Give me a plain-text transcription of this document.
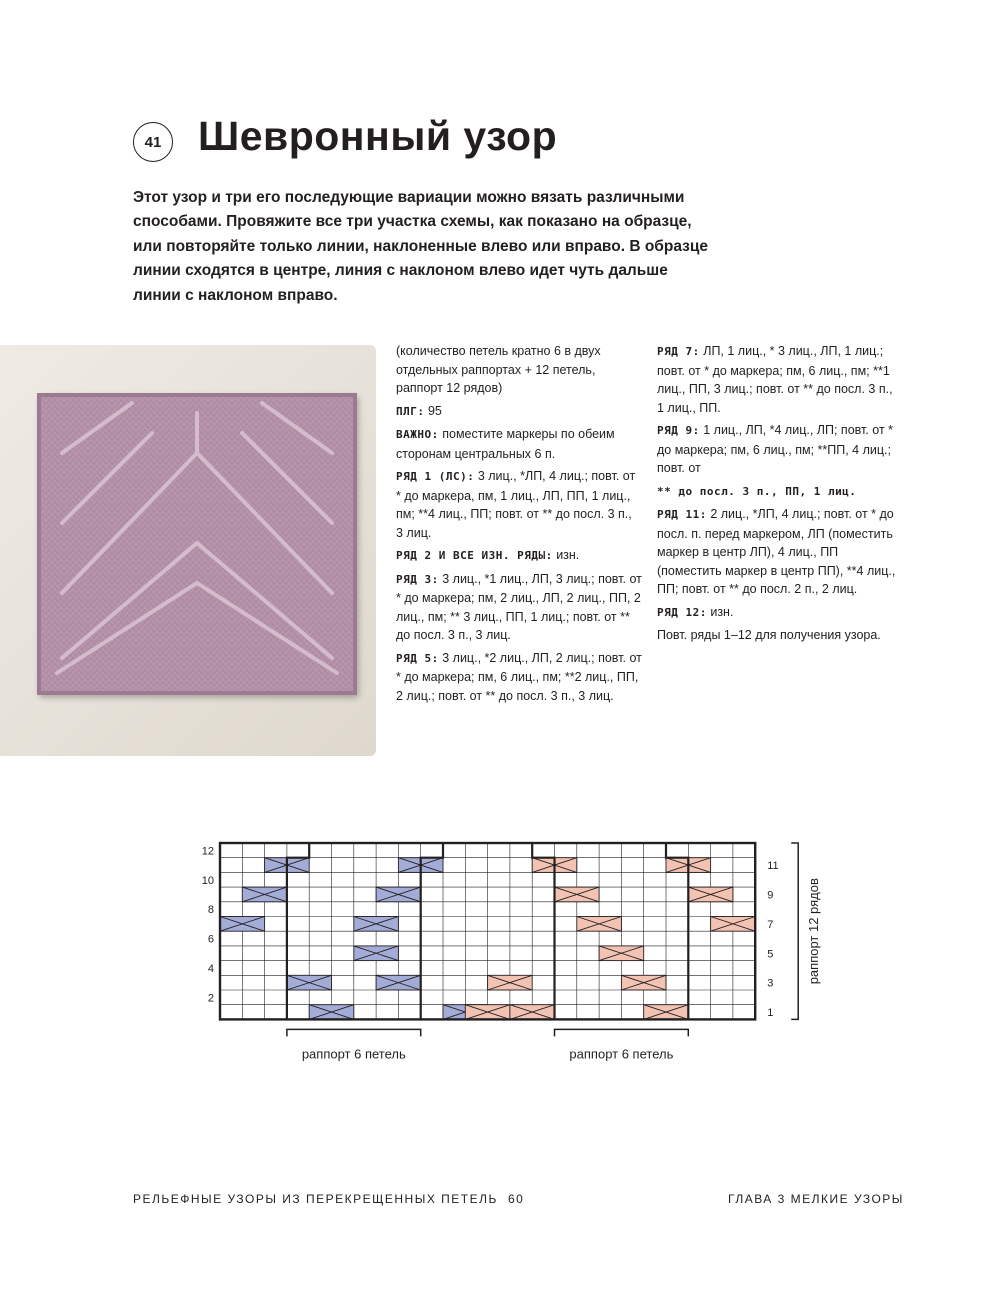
41 Шевронный узор
Этот узор и три его последующие вариации можно вязать различными
способами. Провяжите все три участка схемы, как показано на образце,
или повторяйте только линии, наклоненные влево или вправо. В образце
линии сходятся в центре, линия с наклоном влево идет чуть дальше
линии с наклоном вправо.

(количество петель кратно 6 в двух отдельных раппортах + 12 петель, раппорт 12 рядов)

ПЛГ: 95

ВАЖНО: поместите маркеры по обеим сторонам центральных 6 п.

РЯД 1 (ЛС): 3 лиц., *ЛП, 4 лиц.; повт. от * до маркера, пм, 1 лиц., ЛП, ПП, 1 лиц., пм; **4 лиц., ПП; повт. от ** до посл. 3 п., 3 лиц.

РЯД 2 И ВСЕ ИЗН. РЯДЫ: изн.

РЯД 3: 3 лиц., *1 лиц., ЛП, 3 лиц.; повт. от * до маркера; пм, 2 лиц., ЛП, 2 лиц., ПП, 2 лиц., пм; ** 3 лиц., ПП, 1 лиц.; повт. от ** до посл. 3 п., 3 лиц.

РЯД 5: 3 лиц., *2 лиц., ЛП, 2 лиц.; повт. от * до маркера; пм, 6 лиц., пм; **2 лиц., ПП, 2 лиц.; повт. от ** до посл. 3 п., 3 лиц.

РЯД 7: ЛП, 1 лиц., * 3 лиц., ЛП, 1 лиц.; повт. от * до маркера; пм, 6 лиц., пм; **1 лиц., ПП, 3 лиц.; повт. от ** до посл. 3 п., 1 лиц., ПП.

РЯД 9: 1 лиц., ЛП, *4 лиц., ЛП; повт. от * до маркера; пм, 6 лиц., пм; **ПП, 4 лиц.; повт. от

** до посл. 3 п., ПП, 1 лиц.

РЯД 11: 2 лиц., *ЛП, 4 лиц.; повт. от * до посл. п. перед маркером, ЛП (поместить маркер в центр ЛП), 4 лиц., ПП (поместить маркер в центр ПП), **4 лиц., ПП; повт. от ** до посл. 2 п., 2 лиц.

РЯД 12: изн.

Повт. ряды 1–12 для получения узора.

2
4
6
8
10
12
1
3
5
7
9
11
раппорт 12 рядов
раппорт 6 петель	раппорт 6 петель
РЕЛЬЕФНЫЕ УЗОРЫ ИЗ ПЕРЕКРЕЩЕННЫХ ПЕТЕЛЬ 60	ГЛАВА 3 МЕЛКИЕ УЗОРЫ
